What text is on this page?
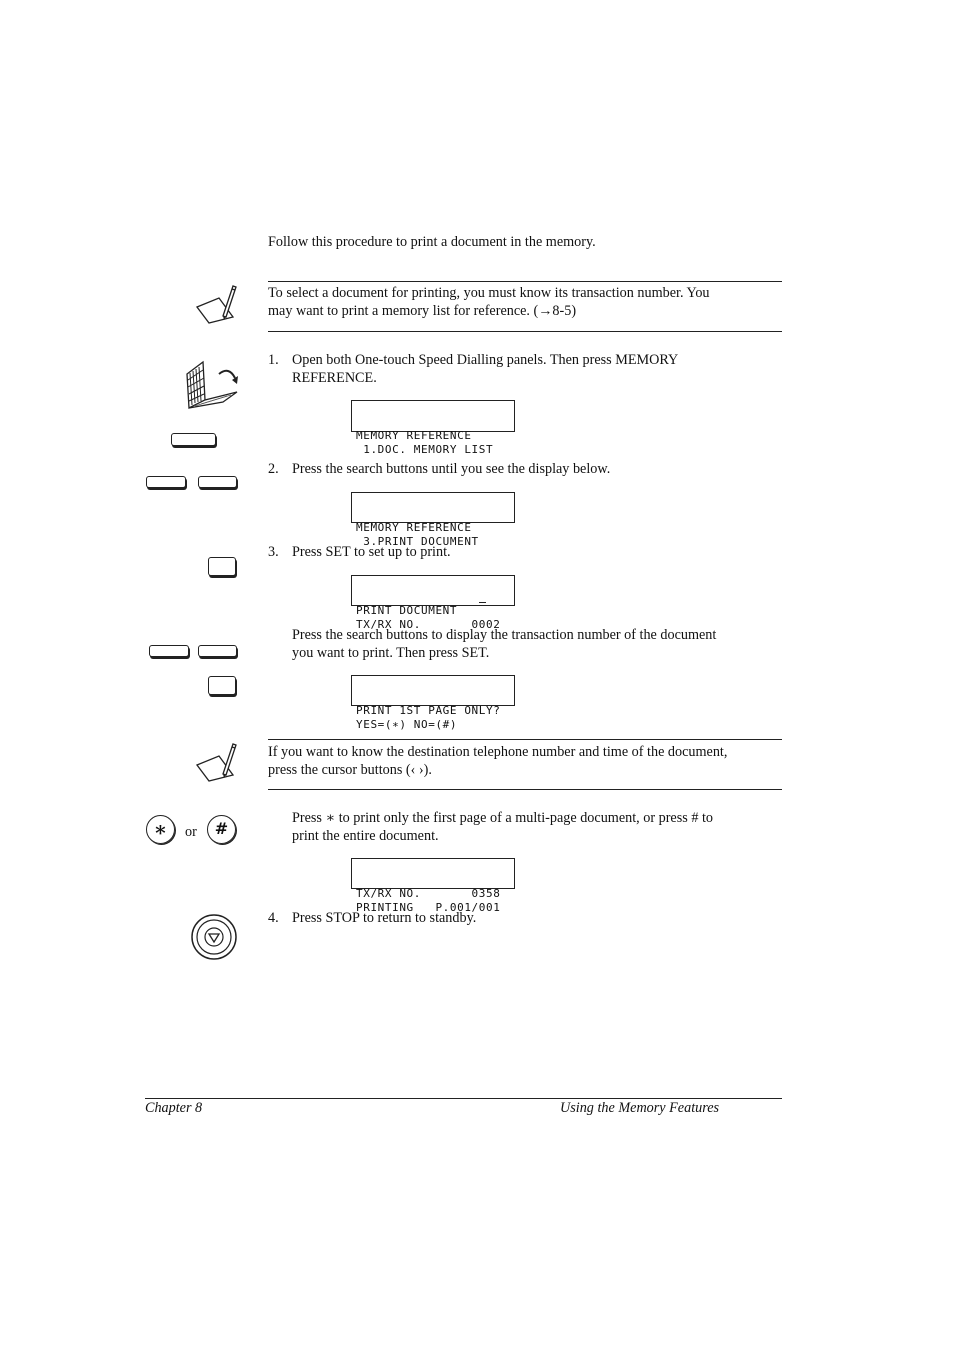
Follow this procedure to print a document in the memory.
To select a document for printing, you must know its transaction number. You
may want to print a memory list for reference. (→8-5)
1. Open both One-touch Speed Dialling panels. Then press MEMORY
REFERENCE.

MEMORY REFERENCE
1.DOC. MEMORY LIST

2. Press the search buttons until you see the display below.

MEMORY REFERENCE
3.PRINT DOCUMENT

3. Press SET to set up to print.

PRINT DOCUMENT
TX/RX NO.       0002

Press the search buttons to display the transaction number of the document
you want to print. Then press SET.

PRINT 1ST PAGE ONLY?
YES=(∗) NO=(#)

If you want to know the destination telephone number and time of the document,
press the cursor buttons (‹ ›).
∗	or	#
Press ∗ to print only the first page of a multi-page document, or press # to
print the entire document.

TX/RX NO.       0358
PRINTING   P.001/001

4. Press STOP to return to standby.
Chapter 8	Using the Memory Features
